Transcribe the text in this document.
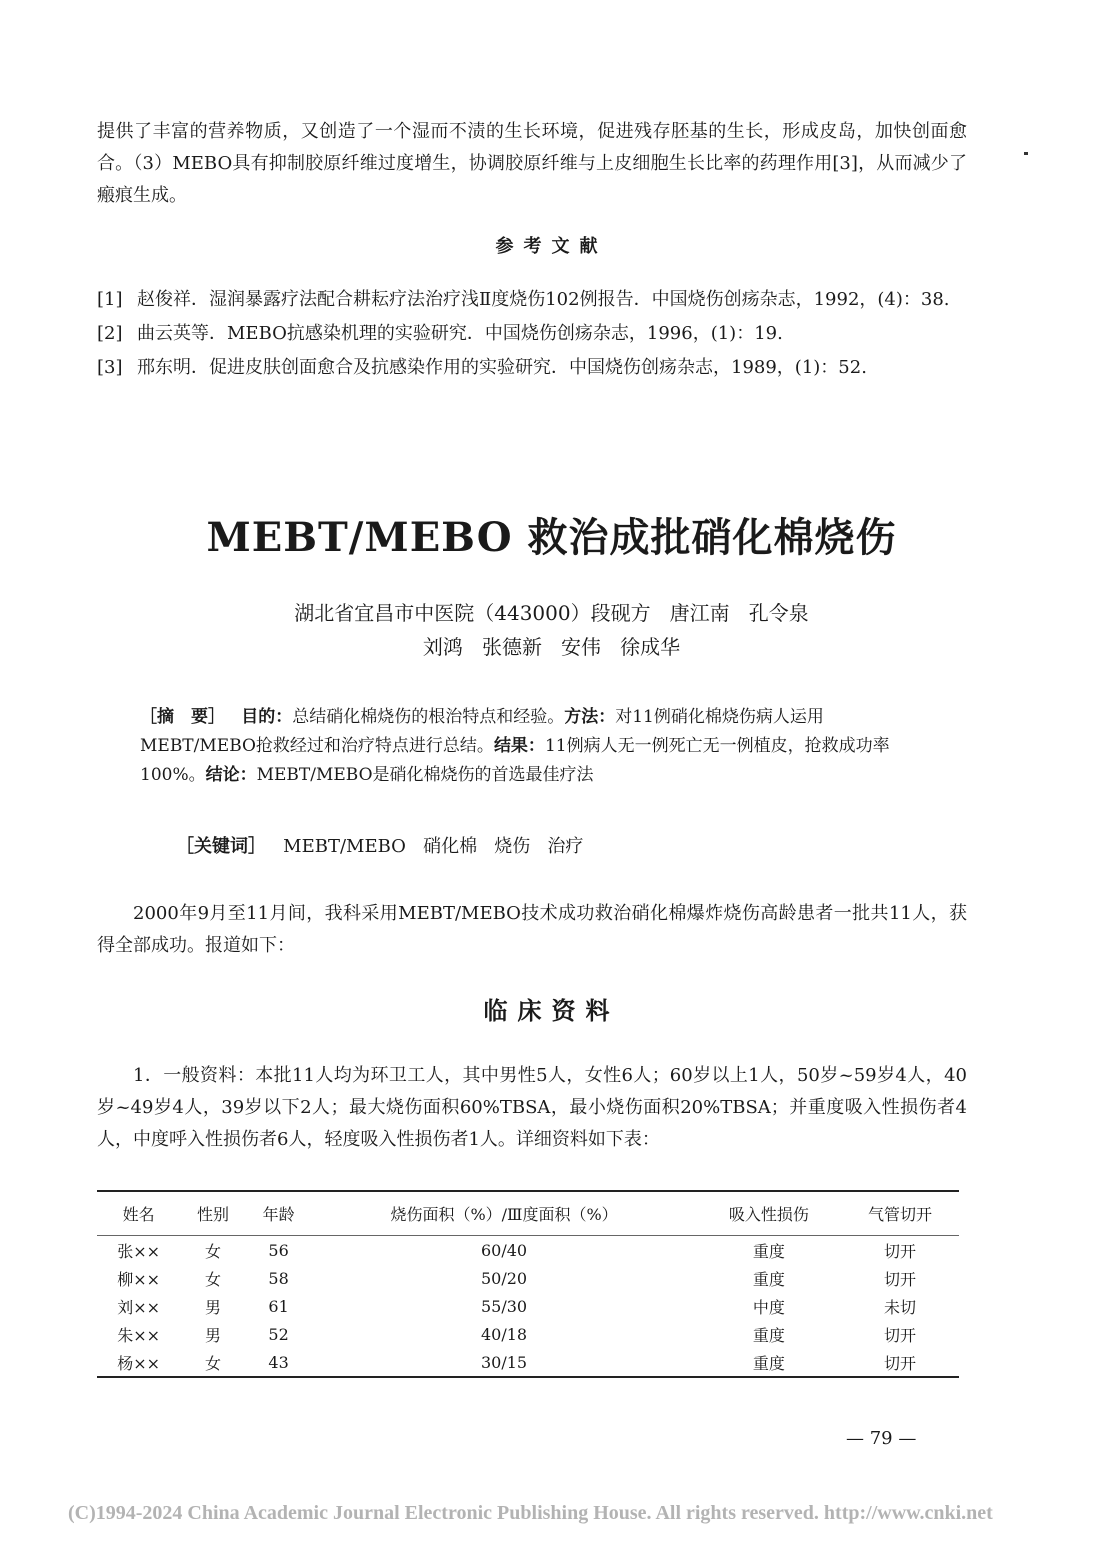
提供了丰富的营养物质，又创造了一个湿而不渍的生长环境，促进残存胚基的生长，形成皮岛，加快创面愈合。（3）MEBO具有抑制胶原纤维过度增生，协调胶原纤维与上皮细胞生长比率的药理作用[3]，从而减少了瘢痕生成。

参考文献
[1] 赵俊祥．湿润暴露疗法配合耕耘疗法治疗浅Ⅱ度烧伤102例报告．中国烧伤创疡杂志，1992，(4)：38.
[2] 曲云英等．MEBO抗感染机理的实验研究．中国烧伤创疡杂志，1996，(1)：19.
[3] 邢东明．促进皮肤创面愈合及抗感染作用的实验研究．中国烧伤创疡杂志，1989，(1)：52.
MEBT/MEBO 救治成批硝化棉烧伤
湖北省宜昌市中医院（443000）段砚方   唐江南   孔令泉
刘鸿   张德新   安伟   徐成华
［摘　要］ 目的：总结硝化棉烧伤的根治特点和经验。方法：对11例硝化棉烧伤病人运用MEBT/MEBO抢救经过和治疗特点进行总结。结果：11例病人无一例死亡无一例植皮，抢救成功率100%。结论：MEBT/MEBO是硝化棉烧伤的首选最佳疗法
［关键词］ MEBT/MEBO   硝化棉   烧伤   治疗

2000年9月至11月间，我科采用MEBT/MEBO技术成功救治硝化棉爆炸烧伤高龄患者一批共11人，获得全部成功。报道如下：

临床资料

1．一般资料：本批11人均为环卫工人，其中男性5人，女性6人；60岁以上1人，50岁~59岁4人，40岁~49岁4人，39岁以下2人；最大烧伤面积60%TBSA，最小烧伤面积20%TBSA；并重度吸入性损伤者4人，中度呼入性损伤者6人，轻度吸入性损伤者1人。详细资料如下表：

姓名	性别	年龄	烧伤面积（%）/Ⅲ度面积（%）	吸入性损伤	气管切开
张××	女	56	60/40	重度	切开
柳××	女	58	50/20	重度	切开
刘××	男	61	55/30	中度	未切
朱××	男	52	40/18	重度	切开
杨××	女	43	30/15	重度	切开
— 79 —
(C)1994-2024 China Academic Journal Electronic Publishing House. All rights reserved. http://www.cnki.net
